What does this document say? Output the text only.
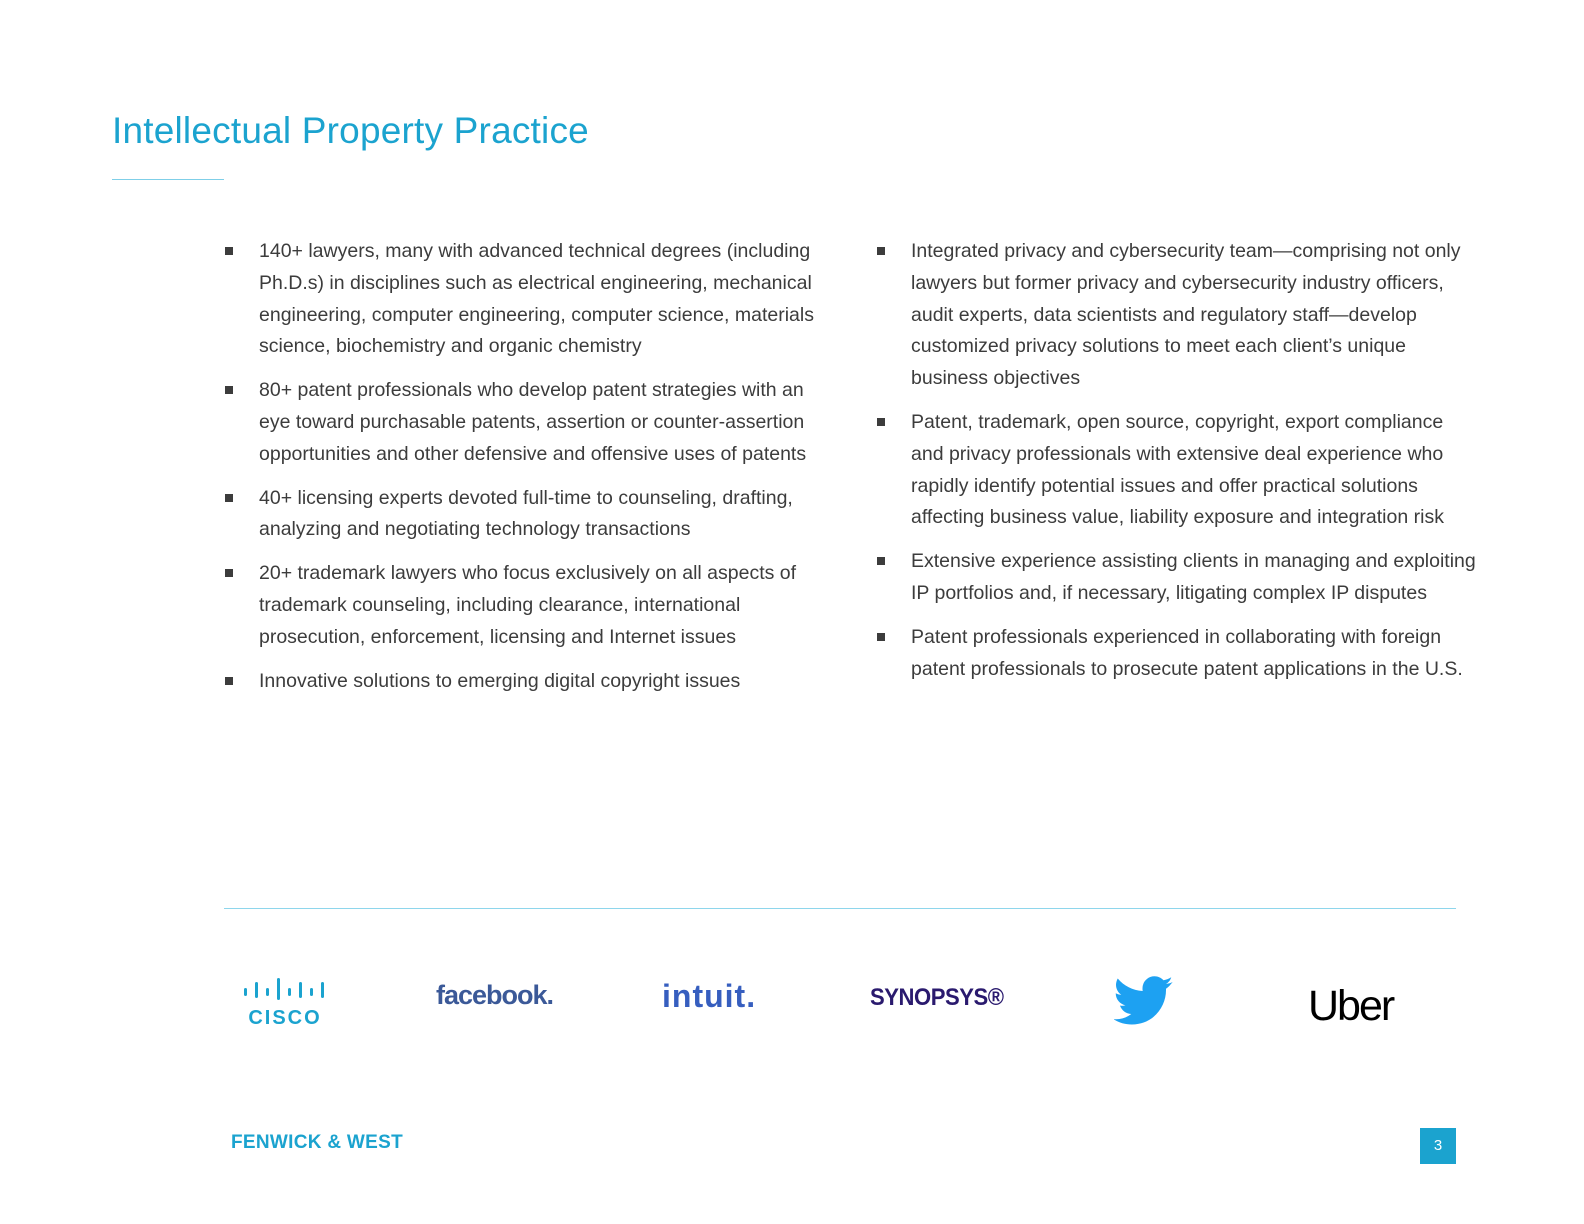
Intellectual Property Practice
140+ lawyers, many with advanced technical degrees (including Ph.D.s) in disciplines such as electrical engineering, mechanical engineering, computer engineering, computer science, materials science, biochemistry and organic chemistry
80+ patent professionals who develop patent strategies with an eye toward purchasable patents, assertion or counter-assertion opportunities and other defensive and offensive uses of patents
40+ licensing experts devoted full-time to counseling, drafting, analyzing and negotiating technology transactions
20+ trademark lawyers who focus exclusively on all aspects of trademark counseling, including clearance, international prosecution, enforcement, licensing and Internet issues
Innovative solutions to emerging digital copyright issues
Integrated privacy and cybersecurity team—comprising not only lawyers but former privacy and cybersecurity industry officers, audit experts, data scientists and regulatory staff—develop customized privacy solutions to meet each client’s unique business objectives
Patent, trademark, open source, copyright, export compliance and privacy professionals with extensive deal experience who rapidly identify potential issues and offer practical solutions affecting business value, liability exposure and integration risk
Extensive experience assisting clients in managing and exploiting IP portfolios and, if necessary, litigating complex IP disputes
Patent professionals experienced in collaborating with foreign patent professionals to prosecute patent applications in the U.S.
CISCO
facebook.	intuit.	SYNOPSYS®	Uber
FENWICK & WEST	3
